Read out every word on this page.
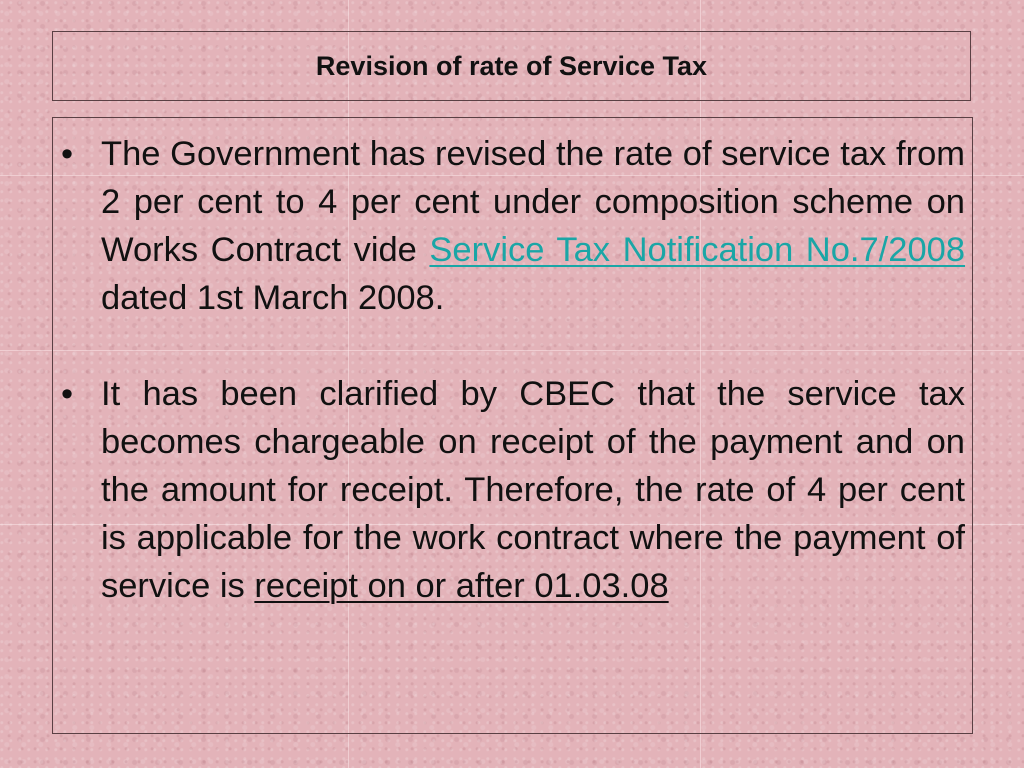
Revision of rate of Service Tax
• The Government has revised the rate of service tax from 2 per cent to 4 per cent under composition scheme on Works Contract vide Service Tax Notification No.7/2008 dated 1st March 2008.
• It has been clarified by CBEC that the service tax becomes chargeable on receipt of the payment and on the amount for receipt. Therefore, the rate of 4 per cent is applicable for the work contract where the payment of service is receipt on or after 01.03.08
